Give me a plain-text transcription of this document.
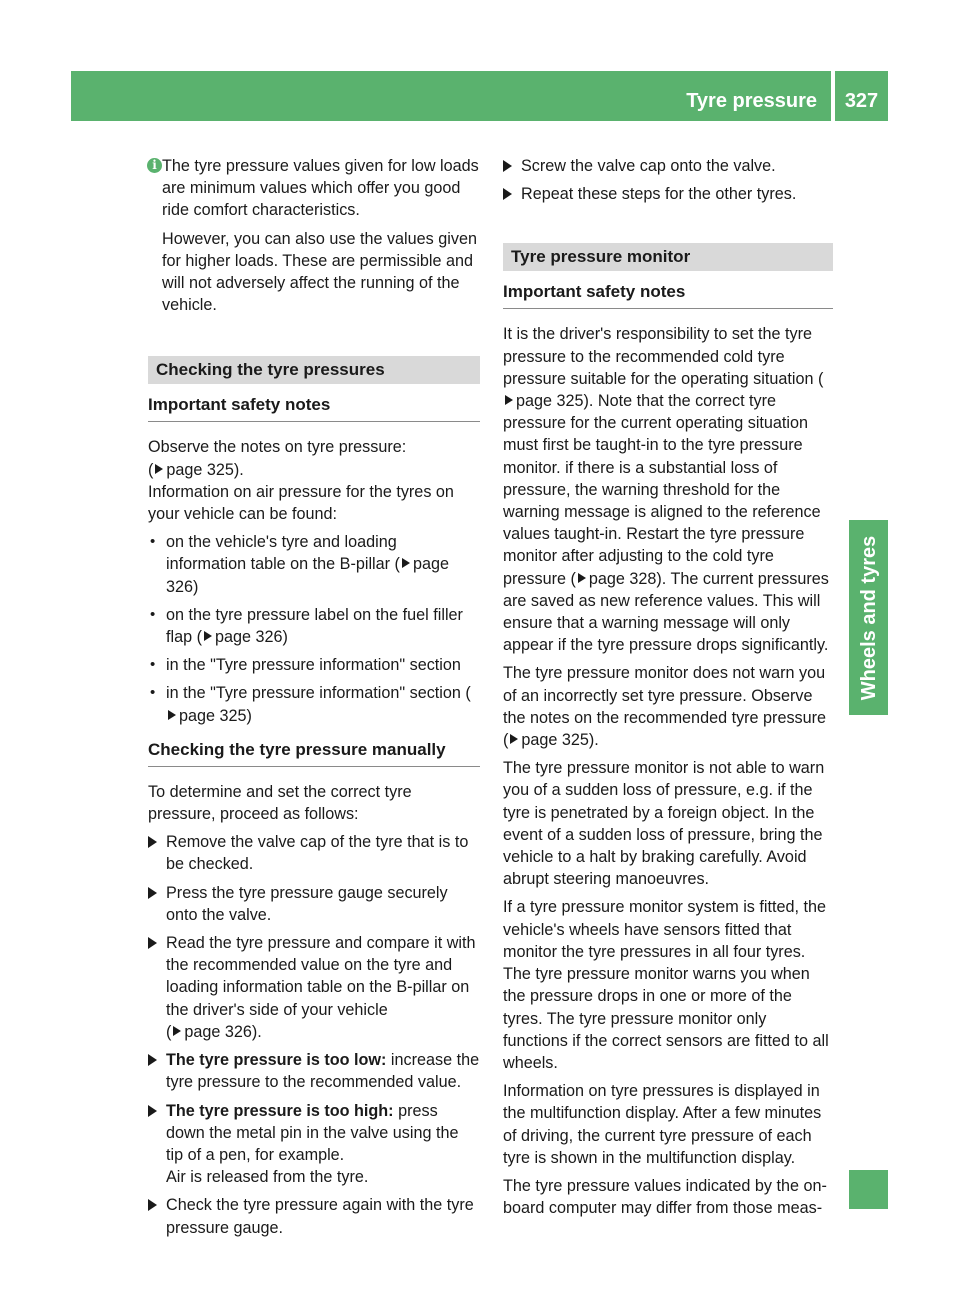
Tyre pressure	327
Wheels and tyres
i The tyre pressure values given for low loads are minimum values which offer you good ride comfort characteristics.

However, you can also use the values given for higher loads. These are permissible and will not adversely affect the running of the vehicle.

Checking the tyre pressures
Important safety notes

Observe the notes on tyre pressure:
( page 325).

Information on air pressure for the tyres on your vehicle can be found:

• on the vehicle's tyre and loading information table on the B-pillar ( page 326)
• on the tyre pressure label on the fuel filler flap ( page 326)
• in the "Tyre pressure information" section
• in the "Tyre pressure information" section (page 325)
Checking the tyre pressure manually

To determine and set the correct tyre pressure, proceed as follows:

Remove the valve cap of the tyre that is to be checked.
Press the tyre pressure gauge securely onto the valve.
Read the tyre pressure and compare it with the recommended value on the tyre and loading information table on the B-pillar on the driver's side of your vehicle
( page 326).
The tyre pressure is too low: increase the tyre pressure to the recommended value.
The tyre pressure is too high: press down the metal pin in the valve using the tip of a pen, for example.
Air is released from the tyre.
Check the tyre pressure again with the tyre pressure gauge.
Screw the valve cap onto the valve.
Repeat these steps for the other tyres.
Tyre pressure monitor
Important safety notes

It is the driver's responsibility to set the tyre pressure to the recommended cold tyre pressure suitable for the operating situation (page 325). Note that the correct tyre pressure for the current operating situation must first be taught-in to the tyre pressure monitor. if there is a substantial loss of pressure, the warning threshold for the warning message is aligned to the reference values taught-in. Restart the tyre pressure monitor after adjusting to the cold tyre pressure ( page 328). The current pressures are saved as new reference values. This will ensure that a warning message will only appear if the tyre pressure drops significantly.

The tyre pressure monitor does not warn you of an incorrectly set tyre pressure. Observe the notes on the recommended tyre pressure ( page 325).

The tyre pressure monitor is not able to warn you of a sudden loss of pressure, e.g. if the tyre is penetrated by a foreign object. In the event of a sudden loss of pressure, bring the vehicle to a halt by braking carefully. Avoid abrupt steering manoeuvres.

If a tyre pressure monitor system is fitted, the vehicle's wheels have sensors fitted that monitor the tyre pressures in all four tyres. The tyre pressure monitor warns you when the pressure drops in one or more of the tyres. The tyre pressure monitor only functions if the correct sensors are fitted to all wheels.

Information on tyre pressures is displayed in the multifunction display. After a few minutes of driving, the current tyre pressure of each tyre is shown in the multifunction display.

The tyre pressure values indicated by the on-board computer may differ from those meas-
